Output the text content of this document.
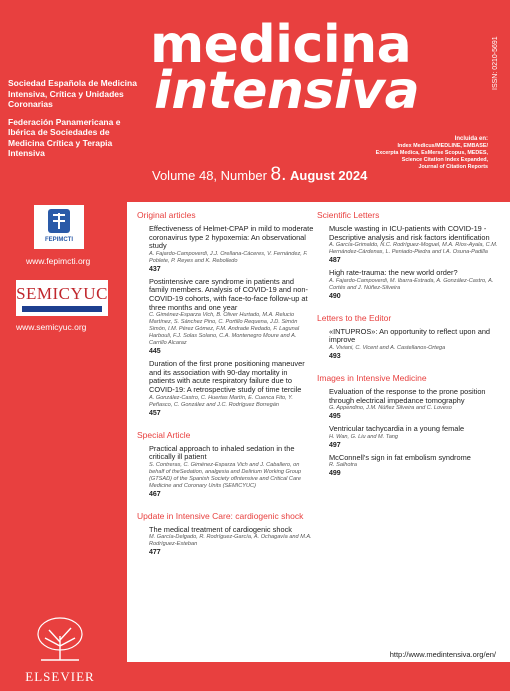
medicina
intensiva	ISSN: 0210-5691

Sociedad Española de Medicina Intensiva, Crítica y Unidades Coronarias

Federación Panamericana e Ibérica de Sociedades de Medicina Crítica y Terapia Intensiva

Incluida en:
Index Medicus/MEDLINE, EMBASE/
Excerpta Medica, EsMerse Scopus, MEDES,
Science Citation Index Expanded,
Journal of Citation Reports
Volume 48, Number 8. August 2024
FEPIMCTI
www.fepimcti.org
SEMICYUC
www.semicyuc.org
Original articles
Effectiveness of Helmet-CPAP in mild to moderate coronavirus type 2 hypoxemia: An observational study
A. Fajardo-Campoverdi, J.J. Orellana-Cáceres, V. Fernández, F. Poblete, P. Reyes and K. Rebolledo
437
Postintensive care syndrome in patients and family members. Analysis of COVID-19 and non-COVID-19 cohorts, with face-to-face follow-up at three months and one year
C. Giménez-Esparza Vich, B. Oliver Hurtado, M.A. Relucio Martínez, S. Sánchez Pino, C. Portillo Requena, J.D. Simón Simón, I.M. Pérez Gómez, F.M. Andrade Redado, F. Lagunal Harbouli, F.J. Solas Solano, C.A. Montenegro Moure and A. Carrillo Alcaraz
445
Duration of the first prone positioning maneuver and its association with 90-day mortality in patients with acute respiratory failure due to COVID-19: A retrospective study of time tercile
A. González-Castro, C. Huertas Martín, E. Cuenca Fito, Y. Peñasco, C. González and J.C. Rodríguez Borregán
457
Special Article
Practical approach to inhaled sedation in the critically ill patient
S. Contreras, C. Giménez-Esparza Vich and J. Caballero, on behalf of theSedation, analgesia and Delirium Working Group (GTSAD) of the Spanish Society ofIntensive and Critical Care Medicine and Coronary Units (SEMICYUC)
467
Update in Intensive Care: cardiogenic shock
The medical treatment of cardiogenic shock
M. García-Delgado, R. Rodríguez-García, A. Ochagavía and M.A. Rodríguez-Esteban
477
Scientific Letters
Muscle wasting in ICU-patients with COVID-19 - Descriptive analysis and risk factors identification
A. García-Grimaldo, N.C. Rodríguez-Moguel, M.A. Ríos-Ayala, C.M. Hernández-Cárdenas, L. Peniado-Piedra and I.A. Osuna-Padilla
487
High rate-trauma: the new world order?
A. Fajardo-Campoverdi, M. Ibarra-Estrada, A. González-Castro, A. Cortés and J. Núñez-Silveira
490
Letters to the Editor
«INTUPROS»: An opportunity to reflect upon and improve
A. Viviani, C. Vicent and A. Castellanos-Ortega
493
Images in Intensive Medicine
Evaluation of the response to the prone position through electrical impedance tomography
G. Appendino, J.M. Núñez Silveira and C. Loveso
495
Ventricular tachycardia in a young female
H. Wan, G. Liu and M. Tang
497
McConnell's sign in fat embolism syndrome
R. Salhotra
499
http://www.medintensiva.org/en/
ELSEVIER
